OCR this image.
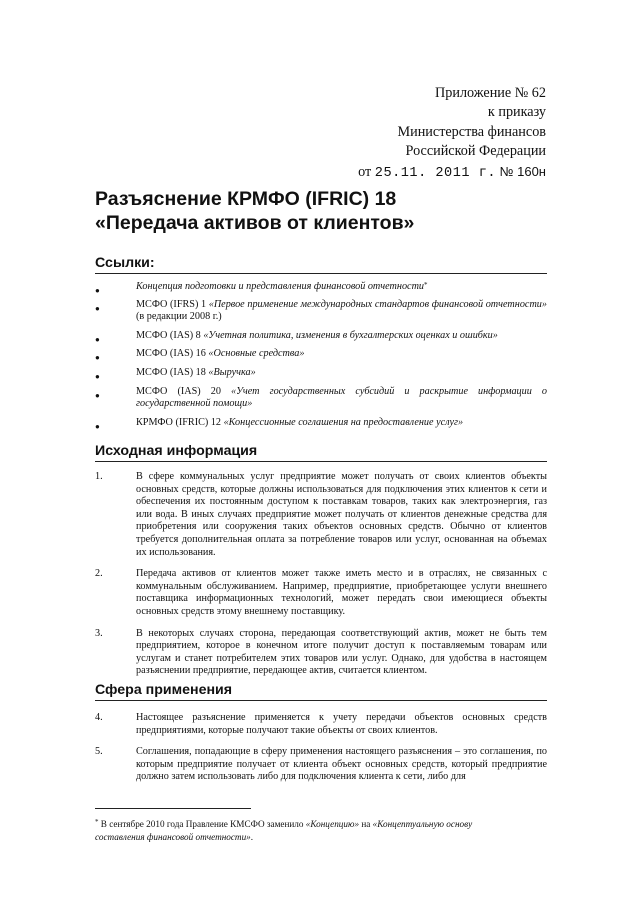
Приложение № 62
к приказу
Министерства финансов
Российской Федерации
от 25.11. 2011 г. № 160н
Разъяснение КРМФО (IFRIC) 18
«Передача активов от клиентов»
Ссылки:
●	Концепция подготовки и представления финансовой отчетности*
●	МСФО (IFRS) 1 «Первое применение международных стандартов финансовой отчетности» (в редакции 2008 г.)
●	МСФО (IAS) 8 «Учетная политика, изменения в бухгалтерских оценках и ошибки»
●	МСФО (IAS) 16 «Основные средства»
●	МСФО (IAS) 18 «Выручка»
●	МСФО (IAS) 20 «Учет государственных субсидий и раскрытие информации о государственной помощи»
●	КРМФО (IFRIC) 12 «Концессионные соглашения на предоставление услуг»
Исходная информация
1.	В сфере коммунальных услуг предприятие может получать от своих клиентов объекты основных средств, которые должны использоваться для подключения этих клиентов к сети и обеспечения их постоянным доступом к поставкам товаров, таких как электроэнергия, газ или вода. В иных случаях предприятие может получать от клиентов денежные средства для приобретения или сооружения таких объектов основных средств. Обычно от клиентов требуется дополнительная оплата за потребление товаров или услуг, основанная на объемах их использования.
2.	Передача активов от клиентов может также иметь место и в отраслях, не связанных с коммунальным обслуживанием. Например, предприятие, приобретающее услуги внешнего поставщика информационных технологий, может передать свои имеющиеся объекты основных средств этому внешнему поставщику.
3.	В некоторых случаях сторона, передающая соответствующий актив, может не быть тем предприятием, которое в конечном итоге получит доступ к поставляемым товарам или услугам и станет потребителем этих товаров или услуг. Однако, для удобства в настоящем разъяснении предприятие, передающее актив, считается клиентом.
Сфера применения
4.	Настоящее разъяснение применяется к учету передачи объектов основных средств предприятиями, которые получают такие объекты от своих клиентов.
5.	Соглашения, попадающие в сферу применения настоящего разъяснения – это соглашения, по которым предприятие получает от клиента объект основных средств, который предприятие должно затем использовать либо для подключения клиента к сети, либо для
* В сентябре 2010 года Правление КМСФО заменило «Концепцию» на «Концептуальную основу составления финансовой отчетности».
